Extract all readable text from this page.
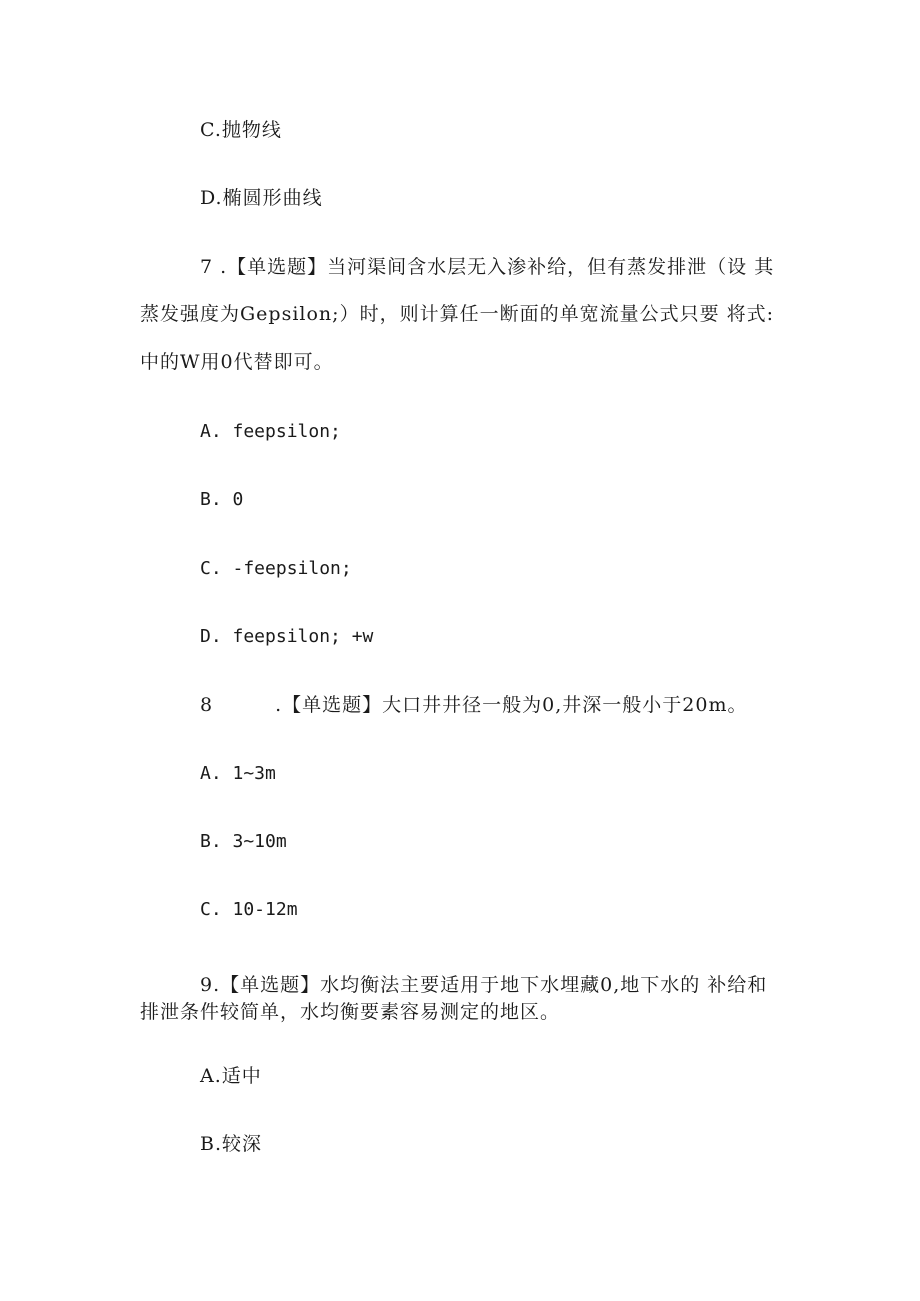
C.抛物线
D.椭圆形曲线
7 .【单选题】当河渠间含水层无入渗补给，但有蒸发排泄（设 其
蒸发强度为Gepsilon;）时，则计算任一断面的单宽流量公式只要 将式:
中的W用0代替即可。
A. feepsilon;
B. 0
C. -feepsilon;
D. feepsilon; +w
8	.【单选题】大口井井径一般为0,井深一般小于20m。
A. 1~3m
B. 3~10m
C. 10-12m
9.【单选题】水均衡法主要适用于地下水埋藏0,地下水的 补给和
排泄条件较简单，水均衡要素容易测定的地区。
A.适中
B.较深
